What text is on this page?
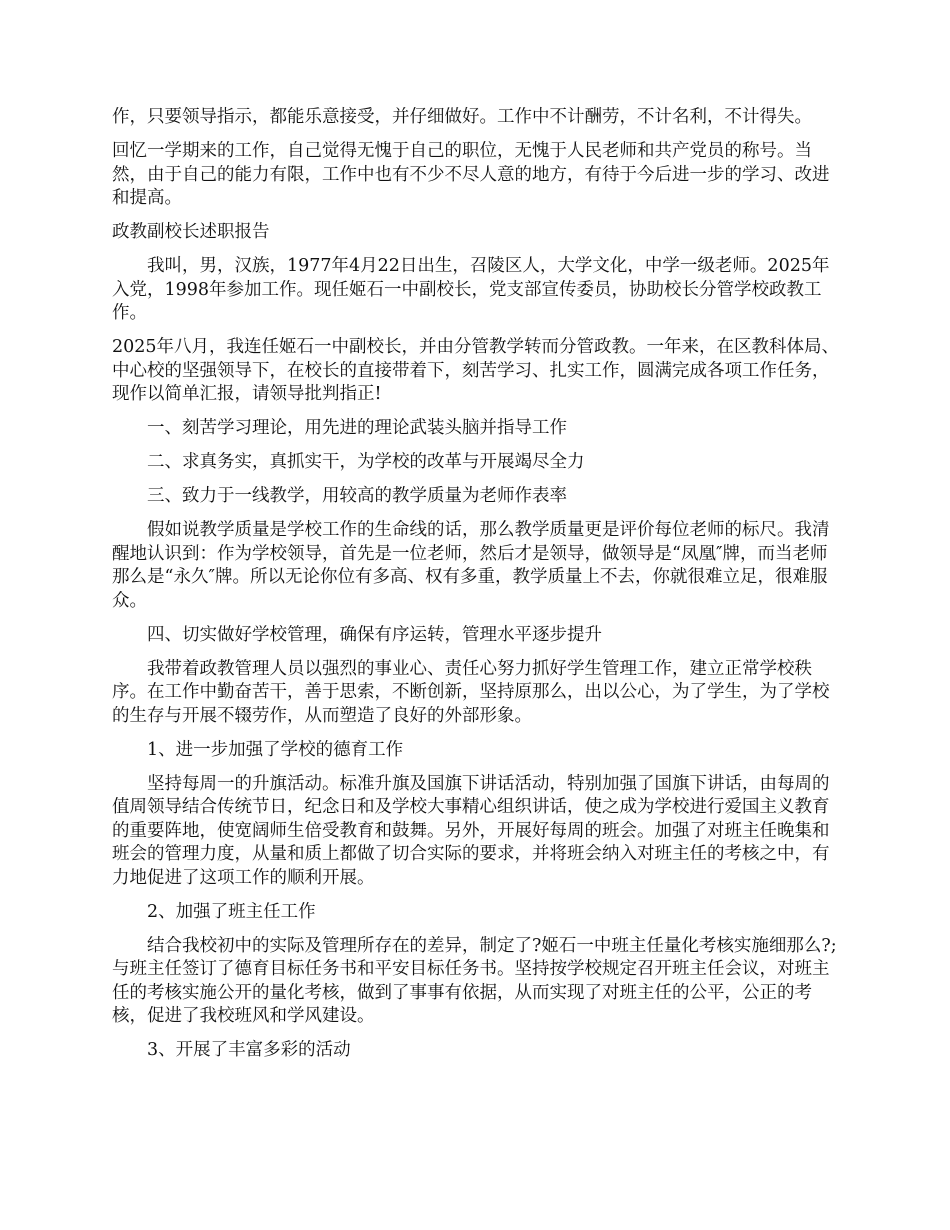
作，只要领导指示，都能乐意接受，并仔细做好。工作中不计酬劳，不计名利，不计得失。

回忆一学期来的工作，自己觉得无愧于自己的职位，无愧于人民老师和共产党员的称号。当然，由于自己的能力有限，工作中也有不少不尽人意的地方，有待于今后进一步的学习、改进和提高。

政教副校长述职报告

我叫，男，汉族，1977年4月22日出生，召陵区人，大学文化，中学一级老师。2025年入党，1998年参加工作。现任姬石一中副校长，党支部宣传委员，协助校长分管学校政教工作。

2025年八月，我连任姬石一中副校长，并由分管教学转而分管政教。一年来，在区教科体局、中心校的坚强领导下，在校长的直接带着下，刻苦学习、扎实工作，圆满完成各项工作任务，现作以简单汇报，请领导批判指正!

一、刻苦学习理论，用先进的理论武装头脑并指导工作

二、求真务实，真抓实干，为学校的改革与开展竭尽全力

三、致力于一线教学，用较高的教学质量为老师作表率

假如说教学质量是学校工作的生命线的话，那么教学质量更是评价每位老师的标尺。我清醒地认识到：作为学校领导，首先是一位老师，然后才是领导，做领导是“凤凰″牌，而当老师那么是“永久″牌。所以无论你位有多高、权有多重，教学质量上不去，你就很难立足，很难服众。

四、切实做好学校管理，确保有序运转，管理水平逐步提升

我带着政教管理人员以强烈的事业心、责任心努力抓好学生管理工作，建立正常学校秩序。在工作中勤奋苦干，善于思索，不断创新，坚持原那么，出以公心，为了学生，为了学校的生存与开展不辍劳作，从而塑造了良好的外部形象。

1、进一步加强了学校的德育工作

坚持每周一的升旗活动。标准升旗及国旗下讲话活动，特别加强了国旗下讲话，由每周的值周领导结合传统节日，纪念日和及学校大事精心组织讲话，使之成为学校进行爱国主义教育的重要阵地，使宽阔师生倍受教育和鼓舞。另外，开展好每周的班会。加强了对班主任晚集和班会的管理力度，从量和质上都做了切合实际的要求，并将班会纳入对班主任的考核之中，有力地促进了这项工作的顺利开展。

2、加强了班主任工作

结合我校初中的实际及管理所存在的差异，制定了?姬石一中班主任量化考核实施细那么?;与班主任签订了德育目标任务书和平安目标任务书。坚持按学校规定召开班主任会议，对班主任的考核实施公开的量化考核，做到了事事有依据，从而实现了对班主任的公平，公正的考核，促进了我校班风和学风建设。

3、开展了丰富多彩的活动
